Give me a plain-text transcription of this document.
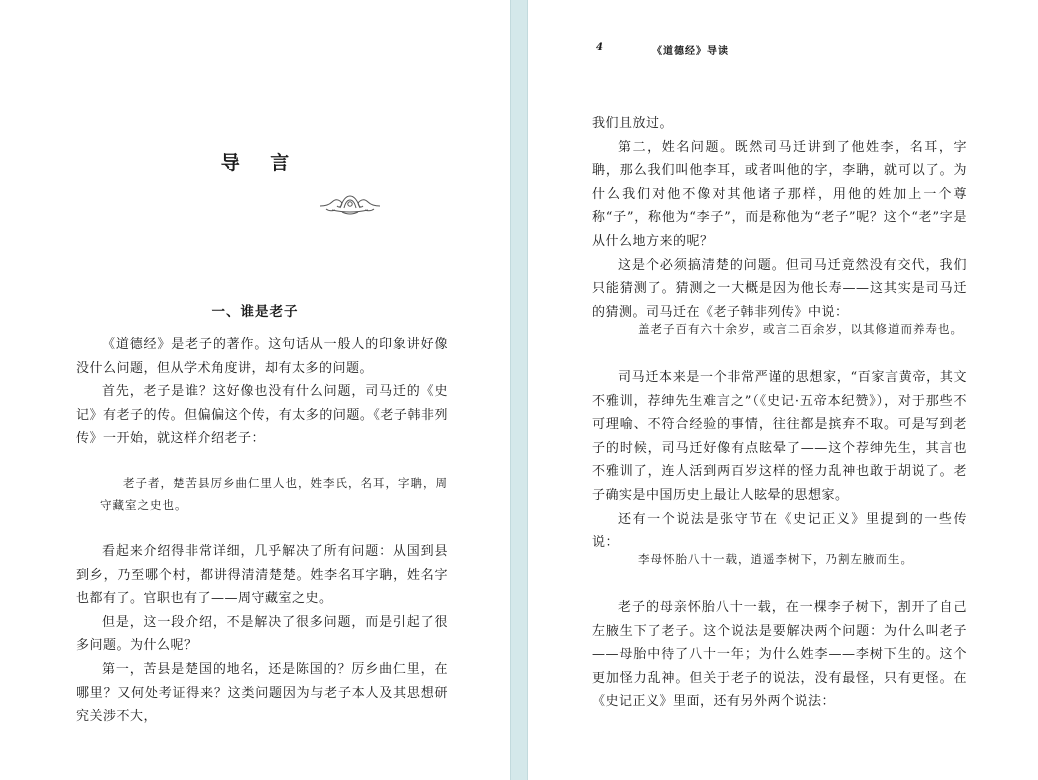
导 言
一、谁是老子

《道德经》是老子的著作。这句话从一般人的印象讲好像没什么问题，但从学术角度讲，却有太多的问题。

首先，老子是谁？这好像也没有什么问题，司马迁的《史记》有老子的传。但偏偏这个传，有太多的问题。《老子韩非列传》一开始，就这样介绍老子：

老子者，楚苦县厉乡曲仁里人也，姓李氏，名耳，字聃，周守藏室之史也。

看起来介绍得非常详细，几乎解决了所有问题：从国到县到乡，乃至哪个村，都讲得清清楚楚。姓李名耳字聃，姓名字也都有了。官职也有了——周守藏室之史。

但是，这一段介绍，不是解决了很多问题，而是引起了很多问题。为什么呢？

第一，苦县是楚国的地名，还是陈国的？厉乡曲仁里，在哪里？又何处考证得来？这类问题因为与老子本人及其思想研究关涉不大，

4	《道德经》导读

我们且放过。

第二，姓名问题。既然司马迁讲到了他姓李，名耳，字聃，那么我们叫他李耳，或者叫他的字，李聃，就可以了。为什么我们对他不像对其他诸子那样，用他的姓加上一个尊称“子”，称他为“李子”，而是称他为“老子”呢？这个“老”字是从什么地方来的呢？

这是个必须搞清楚的问题。但司马迁竟然没有交代，我们只能猜测了。猜测之一大概是因为他长寿——这其实是司马迁的猜测。司马迁在《老子韩非列传》中说：

盖老子百有六十余岁，或言二百余岁，以其修道而养寿也。

司马迁本来是一个非常严谨的思想家，“百家言黄帝，其文不雅训，荐绅先生难言之”（《史记·五帝本纪赞》），对于那些不可理喻、不符合经验的事情，往往都是摈弃不取。可是写到老子的时候，司马迁好像有点眩晕了——这个荐绅先生，其言也不雅训了，连人活到两百岁这样的怪力乱神也敢于胡说了。老子确实是中国历史上最让人眩晕的思想家。

还有一个说法是张守节在《史记正义》里提到的一些传说：

李母怀胎八十一载，逍遥李树下，乃割左腋而生。

老子的母亲怀胎八十一载，在一棵李子树下，割开了自己左腋生下了老子。这个说法是要解决两个问题：为什么叫老子——母胎中待了八十一年；为什么姓李——李树下生的。这个更加怪力乱神。但关于老子的说法，没有最怪，只有更怪。在《史记正义》里面，还有另外两个说法：
